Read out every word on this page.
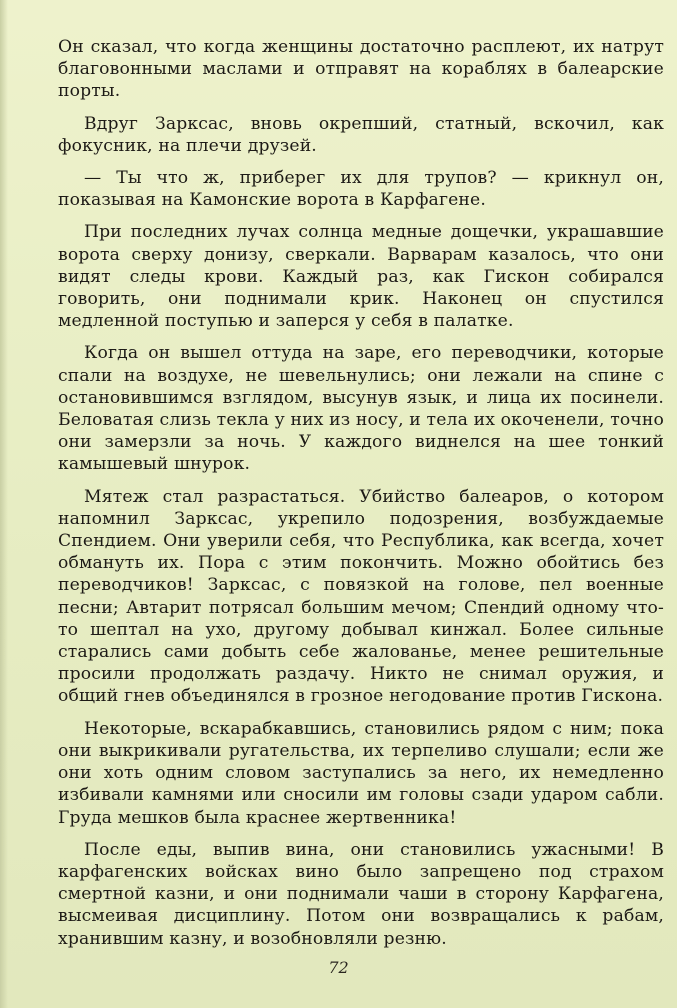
Он сказал, что когда женщины достаточно расплеют, их натрут благовонными маслами и отправят на кораблях в балеарские порты.

Вдруг Зарксас, вновь окрепший, статный, вскочил, как фокусник, на плечи друзей.

— Ты что ж, приберег их для трупов? — крикнул он, показывая на Камонские ворота в Карфагене.

При последних лучах солнца медные дощечки, украшавшие ворота сверху донизу, сверкали. Варварам казалось, что они видят следы крови. Каждый раз, как Гискон собирался говорить, они поднимали крик. Наконец он спустился медленной поступью и заперся у себя в палатке.

Когда он вышел оттуда на заре, его переводчики, которые спали на воздухе, не шевельнулись; они лежали на спине с остановившимся взглядом, высунув язык, и лица их посинели. Беловатая слизь текла у них из носу, и тела их окоченели, точно они замерзли за ночь. У каждого виднелся на шее тонкий камышевый шнурок.

Мятеж стал разрастаться. Убийство балеаров, о котором напомнил Зарксас, укрепило подозрения, возбуждаемые Спендием. Они уверили себя, что Республика, как всегда, хочет обмануть их. Пора с этим покончить. Можно обойтись без переводчиков! Зарксас, с повязкой на голове, пел военные песни; Автарит потрясал большим мечом; Спендий одному что-то шептал на ухо, другому добывал кинжал. Более сильные старались сами добыть себе жалованье, менее решительные просили продолжать раздачу. Никто не снимал оружия, и общий гнев объединялся в грозное негодование против Гискона.

Некоторые, вскарабкавшись, становились рядом с ним; пока они выкрикивали ругательства, их терпеливо слушали; если же они хоть одним словом заступались за него, их немедленно избивали камнями или сносили им головы сзади ударом сабли. Груда мешков была краснее жертвенника!

После еды, выпив вина, они становились ужасными! В карфагенских войсках вино было запрещено под страхом смертной казни, и они поднимали чаши в сторону Карфагена, высмеивая дисциплину. Потом они возвращались к рабам, хранившим казну, и возобновляли резню.

72
